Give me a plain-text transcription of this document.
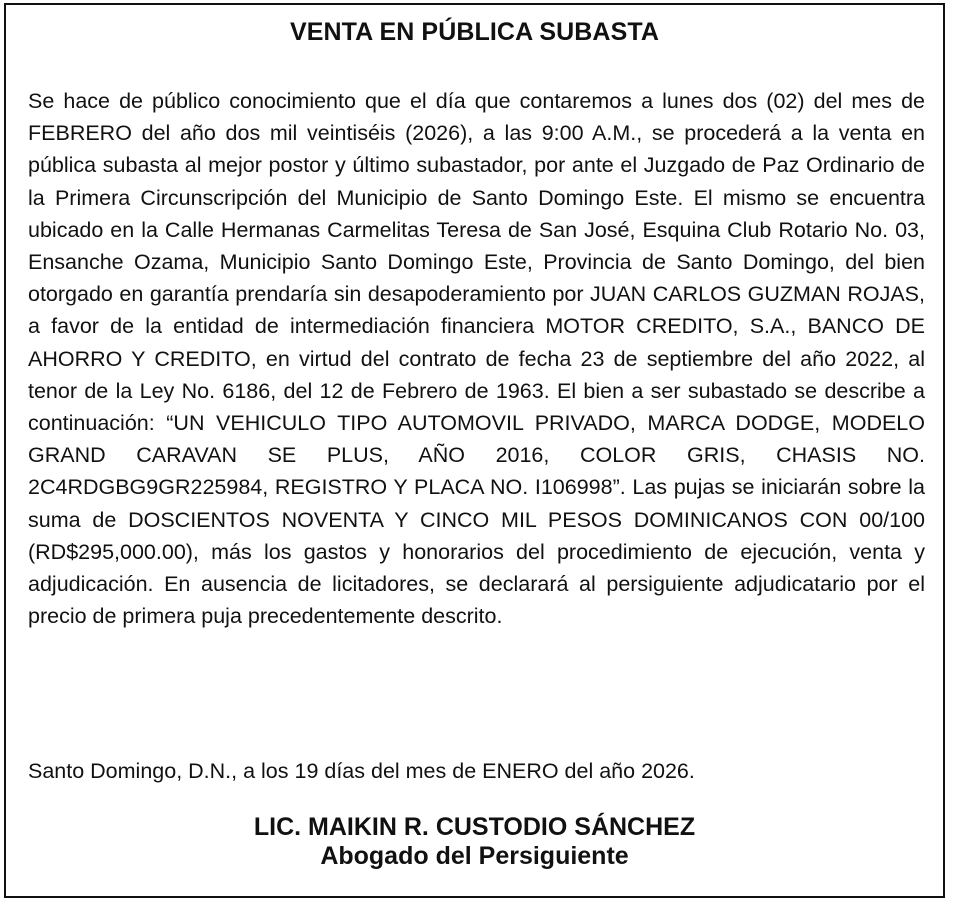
VENTA EN PÚBLICA SUBASTA

Se hace de público conocimiento que el día que contaremos a lunes dos (02) del mes de FEBRERO del año dos mil veintiséis (2026), a las 9:00 A.M., se procederá a la venta en pública subasta al mejor postor y último subastador, por ante el Juzgado de Paz Ordinario de la Primera Circunscripción del Municipio de Santo Domingo Este. El mismo se encuentra ubicado en la Calle Hermanas Carmelitas Teresa de San José, Esquina Club Rotario No. 03, Ensanche Ozama, Municipio Santo Domingo Este, Provincia de Santo Domingo, del bien otorgado en garantía prendaría sin desapoderamiento por JUAN CARLOS GUZMAN ROJAS, a favor de la entidad de intermediación financiera MOTOR CREDITO, S.A., BANCO DE AHORRO Y CREDITO, en virtud del contrato de fecha 23 de septiembre del año 2022, al tenor de la Ley No. 6186, del 12 de Febrero de 1963. El bien a ser subastado se describe a continuación: “UN VEHICULO TIPO AUTOMOVIL PRIVADO, MARCA DODGE, MODELO GRAND CARAVAN SE PLUS, AÑO 2016, COLOR GRIS, CHASIS NO. 2C4RDGBG9GR225984, REGISTRO Y PLACA NO. I106998”. Las pujas se iniciarán sobre la suma de DOSCIENTOS NOVENTA Y CINCO MIL PESOS DOMINICANOS CON 00/100 (RD$295,000.00), más los gastos y honorarios del procedimiento de ejecución, venta y adjudicación. En ausencia de licitadores, se declarará al persiguiente adjudicatario por el precio de primera puja precedentemente descrito.

Santo Domingo, D.N., a los 19 días del mes de ENERO del año 2026.

LIC. MAIKIN R. CUSTODIO SÁNCHEZ
Abogado del Persiguiente
